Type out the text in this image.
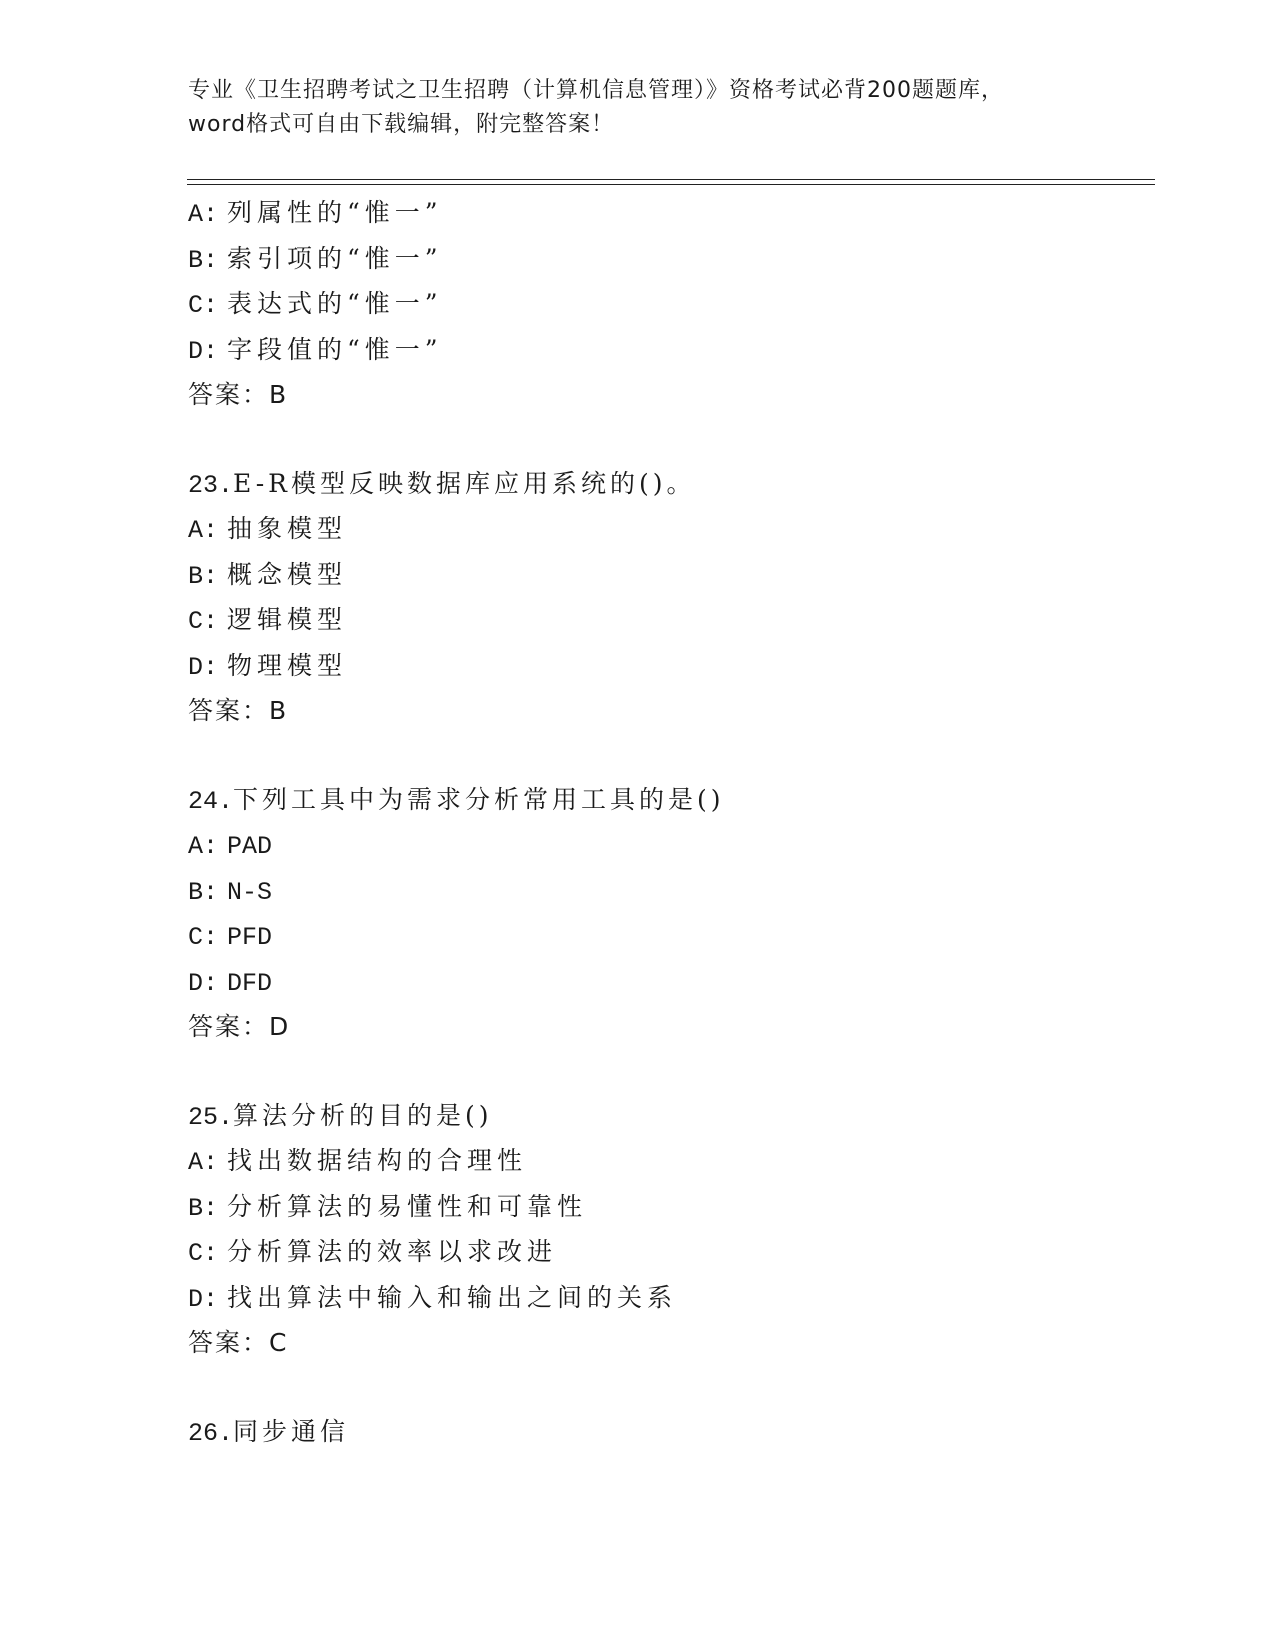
专业《卫生招聘考试之卫生招聘（计算机信息管理）》资格考试必背200题题库，
word格式可自由下载编辑，附完整答案！
A: 列属性的“惟一”
B: 索引项的“惟一”
C: 表达式的“惟一”
D: 字段值的“惟一”
答案：B
23.E-R模型反映数据库应用系统的()。
A: 抽象模型
B: 概念模型
C: 逻辑模型
D: 物理模型
答案：B
24.下列工具中为需求分析常用工具的是()
A: PAD
B: N-S
C: PFD
D: DFD
答案：D
25.算法分析的目的是()
A: 找出数据结构的合理性
B: 分析算法的易懂性和可靠性
C: 分析算法的效率以求改进
D: 找出算法中输入和输出之间的关系
答案：C
26.同步通信
